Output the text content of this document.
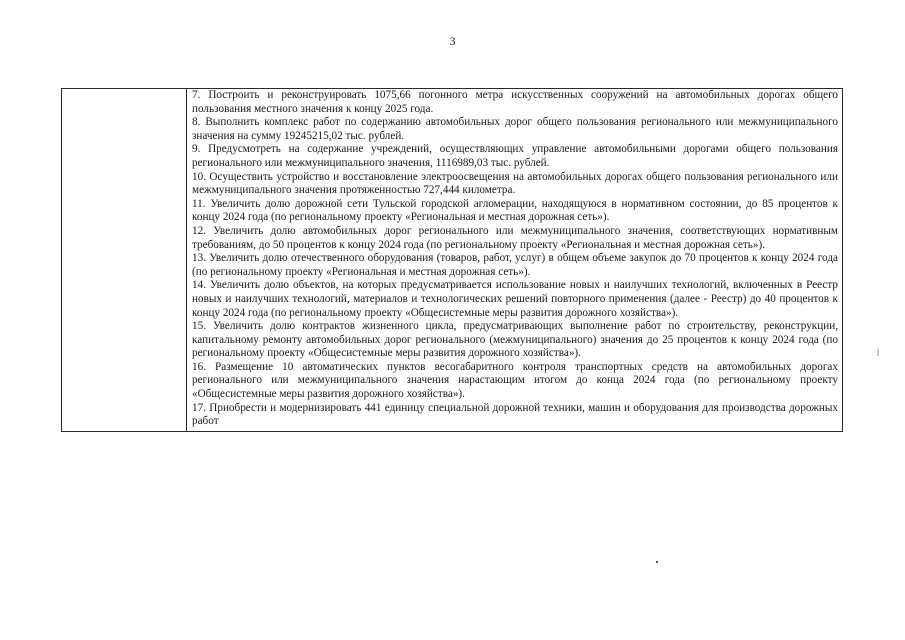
3

7. Построить и реконструировать 1075,66 погонного метра искусственных сооружений на автомобильных дорогах общего пользования местного значения к концу 2025 года.

8. Выполнить комплекс работ по содержанию автомобильных дорог общего пользования регионального или межмуниципального значения на сумму 19245215,02 тыс. рублей.

9. Предусмотреть на содержание учреждений, осуществляющих управление автомобильными дорогами общего пользования регионального или межмуниципального значения, 1116989,03 тыс. рублей.

10. Осуществить устройство и восстановление электроосвещения на автомобильных дорогах общего пользования регионального или межмуниципального значения протяженностью 727,444 километра.

11. Увеличить долю дорожной сети Тульской городской агломерации, находящуюся в нормативном состоянии, до 85 процентов к концу 2024 года (по региональному проекту «Региональная и местная дорожная сеть»).

12. Увеличить долю автомобильных дорог регионального или межмуниципального значения, соответствующих нормативным требованиям, до 50 процентов к концу 2024 года (по региональному проекту «Региональная и местная дорожная сеть»).

13. Увеличить долю отечественного оборудования (товаров, работ, услуг) в общем объеме закупок до 70 процентов к концу 2024 года (по региональному проекту «Региональная и местная дорожная сеть»).

14. Увеличить долю объектов, на которых предусматривается использование новых и наилучших технологий, включенных в Реестр новых и наилучших технологий, материалов и технологических решений повторного применения (далее - Реестр) до 40 процентов к концу 2024 года (по региональному проекту «Общесистемные меры развития дорожного хозяйства»).

15. Увеличить долю контрактов жизненного цикла, предусматривающих выполнение работ по строительству, реконструкции, капитальному ремонту автомобильных дорог регионального (межмуниципального) значения до 25 процентов к концу 2024 года (по региональному проекту «Общесистемные меры развития дорожного хозяйства»).

16. Размещение 10 автоматических пунктов весогабаритного контроля транспортных средств на автомобильных дорогах регионального или межмуниципального значения нарастающим итогом до конца 2024 года (по региональному проекту «Общесистемные меры развития дорожного хозяйства»).

17. Приобрести и модернизировать 441 единицу специальной дорожной техники, машин и оборудования для производства дорожных работ

ј
